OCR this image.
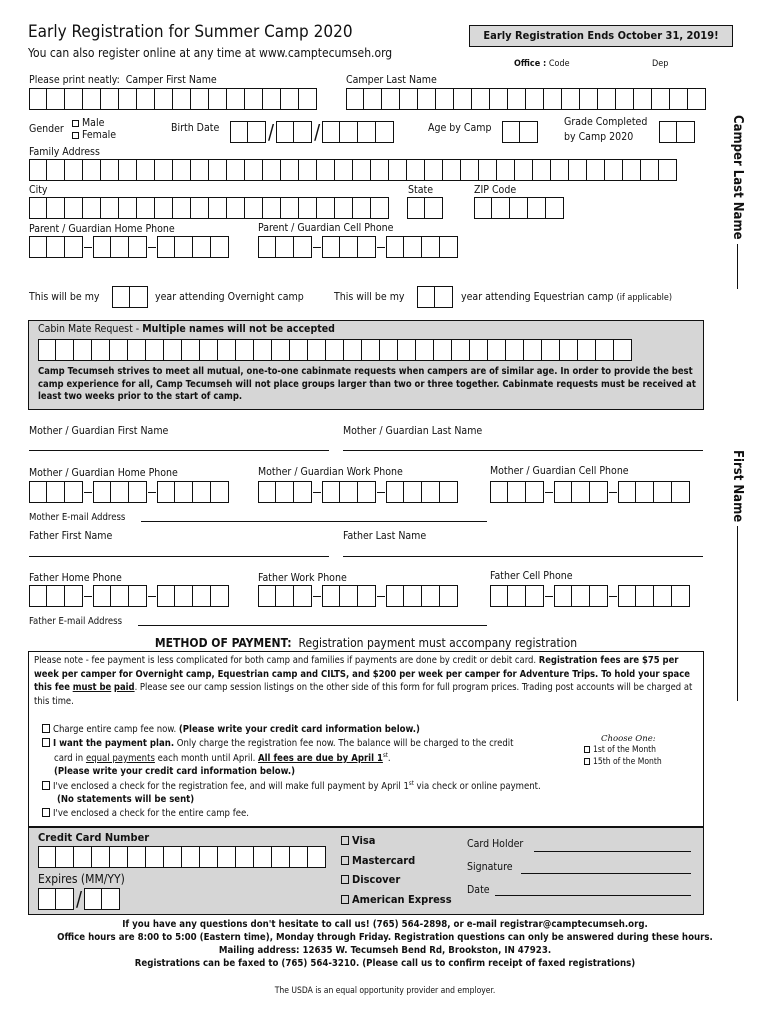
Early Registration for Summer Camp 2020
You can also register online at any time at www.camptecumseh.org
Early Registration Ends October 31, 2019!
Office : Code	Dep
Please print neatly: Camper First Name	Camper Last Name
Gender	Male
Female
Birth Date / /	Age by Camp	Grade Completed
by Camp 2020
Family Address
City	State	ZIP Code
Parent / Guardian Home Phone	Parent / Guardian Cell Phone
This will be my	year attending Overnight camp	This will be my	year attending Equestrian camp (if applicable)
Cabin Mate Request - Multiple names will not be accepted
Camp Tecumseh strives to meet all mutual, one-to-one cabinmate requests when campers are of similar age. In order to provide the best camp experience for all, Camp Tecumseh will not place groups larger than two or three together. Cabinmate requests must be received at least two weeks prior to the start of camp.
Mother / Guardian First Name	Mother / Guardian Last Name
Mother / Guardian Home Phone	Mother / Guardian Work Phone	Mother / Guardian Cell Phone
Mother E-mail Address
Father First Name	Father Last Name
Father Home Phone	Father Work Phone	Father Cell Phone
Father E-mail Address
METHOD OF PAYMENT: Registration payment must accompany registration
Please note - fee payment is less complicated for both camp and families if payments are done by credit or debit card. Registration fees are $75 per week per camper for Overnight camp, Equestrian camp and CILTS, and $200 per week per camper for Adventure Trips. To hold your space this fee must be paid. Please see our camp session listings on the other side of this form for full program prices. Trading post accounts will be charged at this time.
Charge entire camp fee now. (Please write your credit card information below.)
I want the payment plan. Only charge the registration fee now. The balance will be charged to the credit
card in equal payments each month until April. All fees are due by April 1st.
(Please write your credit card information below.)
I've enclosed a check for the registration fee, and will make full payment by April 1st via check or online payment.
(No statements will be sent)
I've enclosed a check for the entire camp fee.
Choose One:
1st of the Month
15th of the Month
Credit Card Number
Expires (MM/YY)
/
Visa
Mastercard
Discover
American Express
Card Holder
Signature
Date
If you have any questions don't hesitate to call us! (765) 564-2898, or e-mail registrar@camptecumseh.org.
Office hours are 8:00 to 5:00 (Eastern time), Monday through Friday. Registration questions can only be answered during these hours.
Mailing address: 12635 W. Tecumseh Bend Rd, Brookston, IN 47923.
Registrations can be faxed to (765) 564-3210. (Please call us to confirm receipt of faxed registrations)
The USDA is an equal opportunity provider and employer.
Camper Last Name
First Name
